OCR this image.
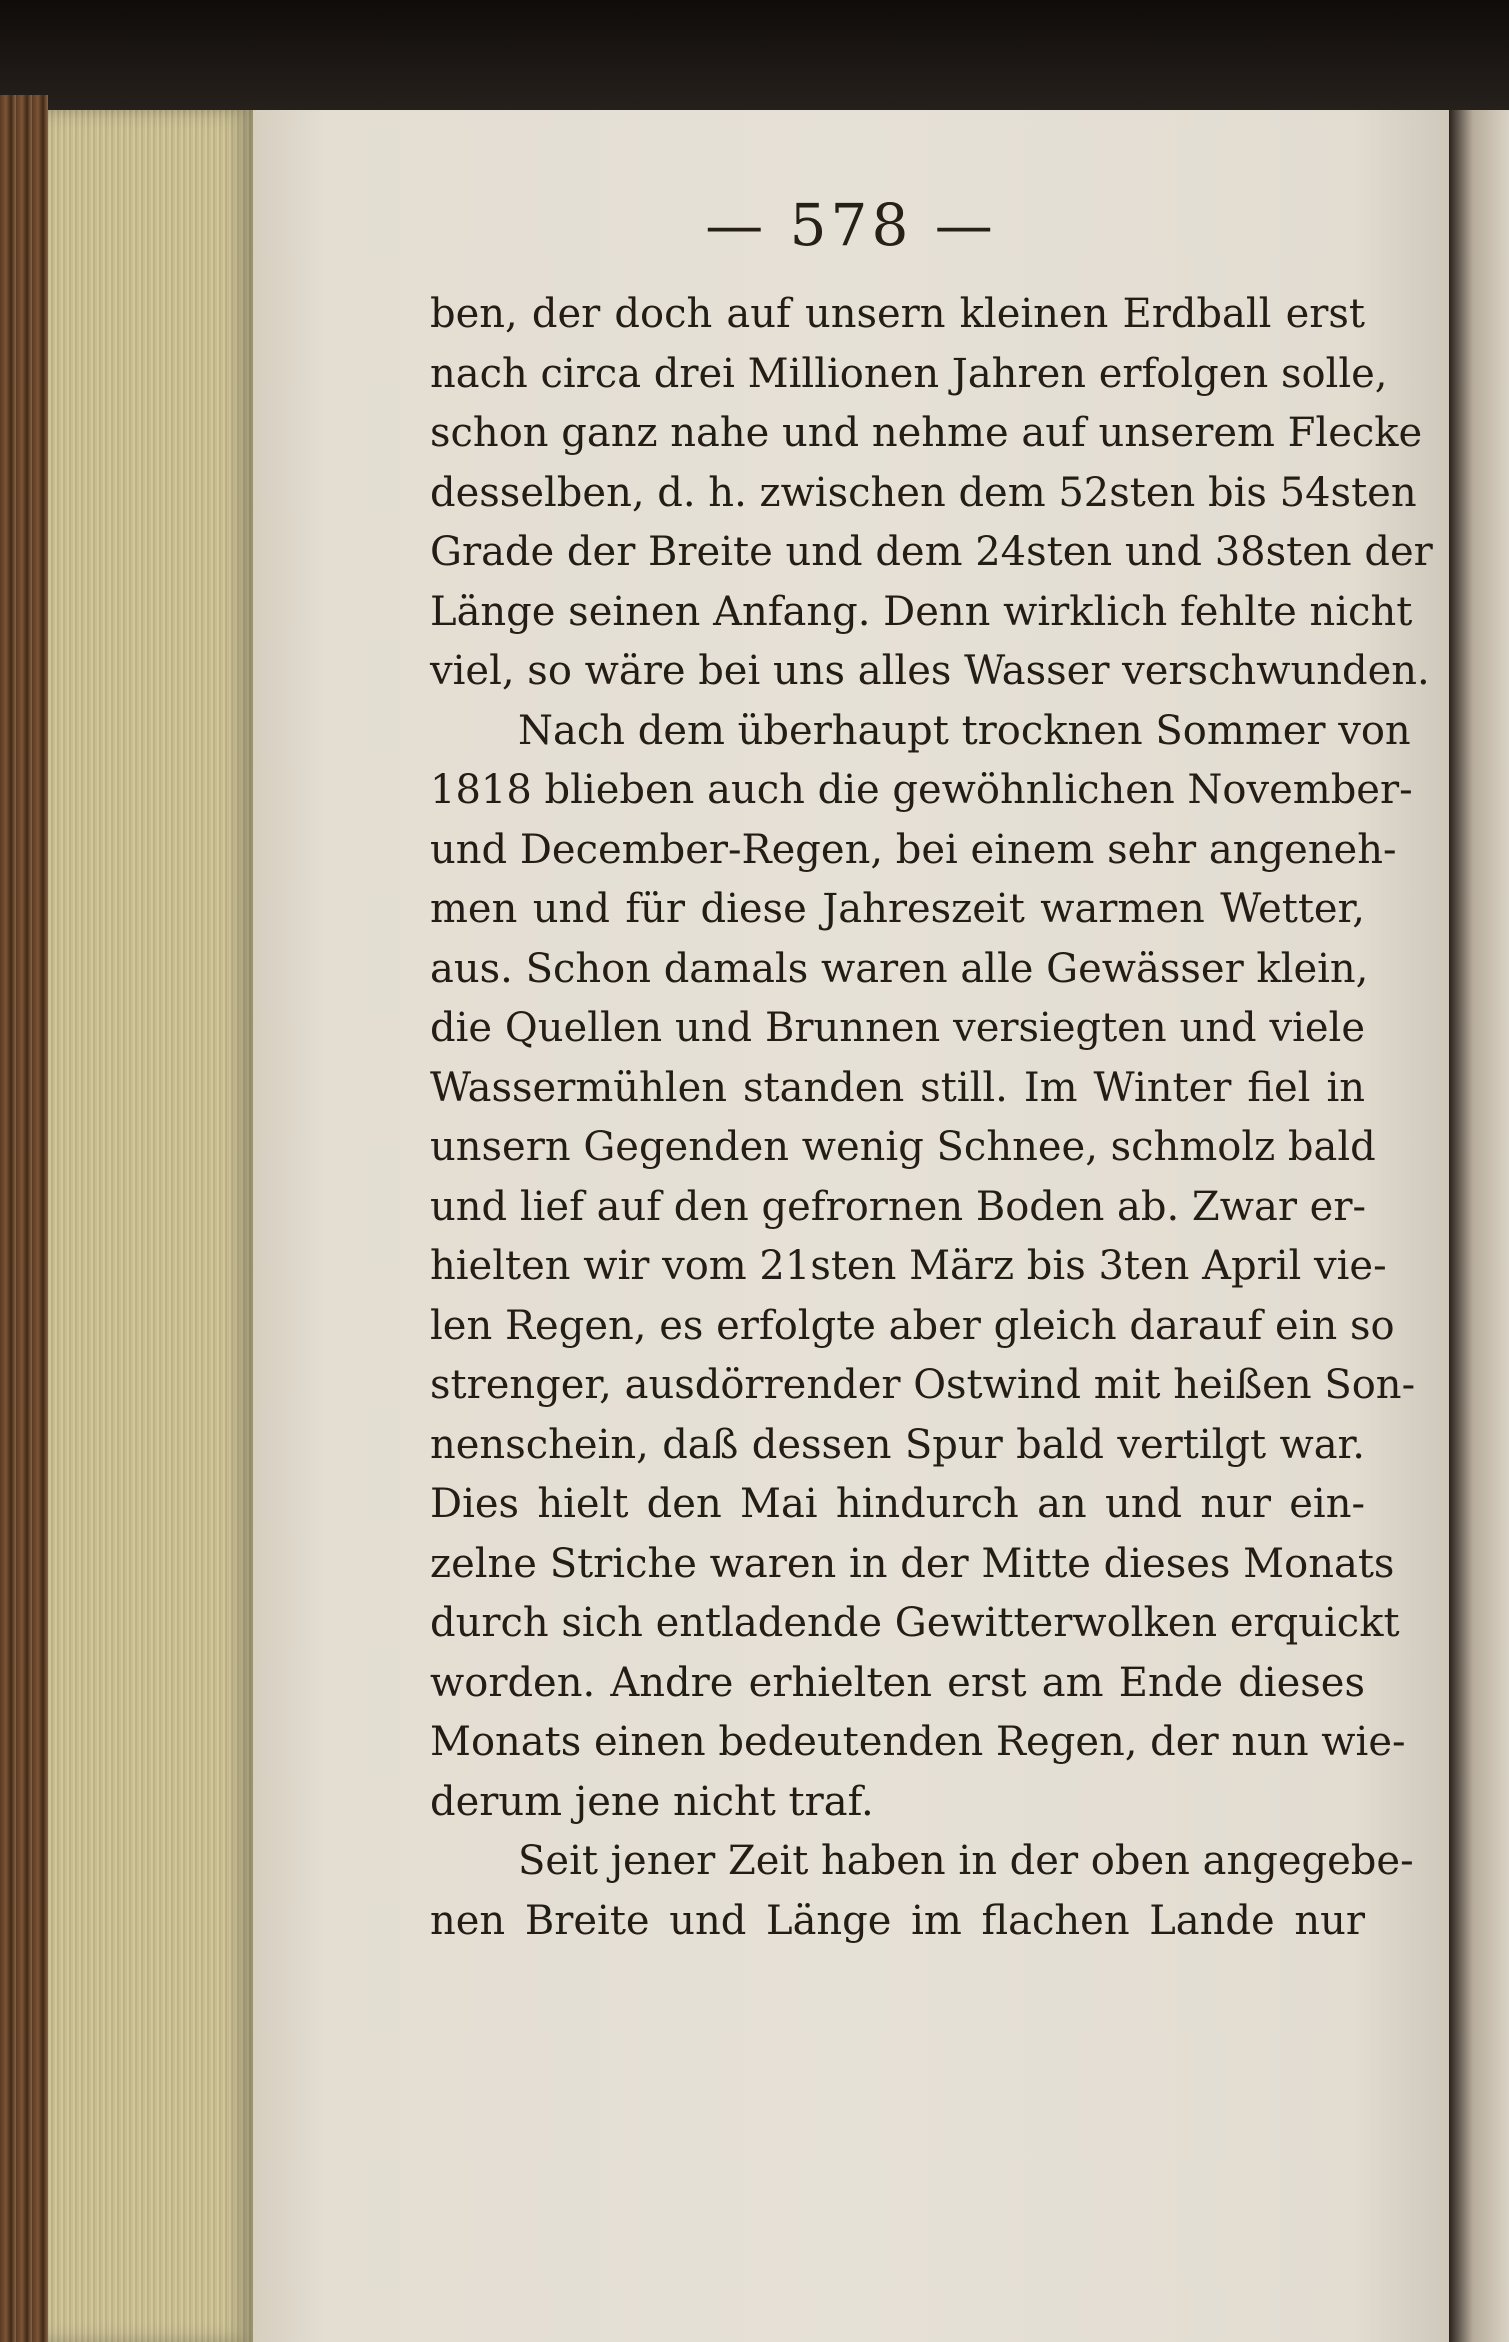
— 578 —
ben, der doch auf unsern kleinen Erdball erst
nach circa drei Millionen Jahren erfolgen solle,
schon ganz nahe und nehme auf unserem Flecke
desselben, d. h. zwischen dem 52sten bis 54sten
Grade der Breite und dem 24sten und 38sten der
Länge seinen Anfang. Denn wirklich fehlte nicht
viel, so wäre bei uns alles Wasser verschwunden.
Nach dem überhaupt trocknen Sommer von
1818 blieben auch die gewöhnlichen November-
und December-Regen, bei einem sehr angeneh-
men und für diese Jahreszeit warmen Wetter,
aus. Schon damals waren alle Gewässer klein,
die Quellen und Brunnen versiegten und viele
Wassermühlen standen still. Im Winter fiel in
unsern Gegenden wenig Schnee, schmolz bald
und lief auf den gefrornen Boden ab. Zwar er-
hielten wir vom 21sten März bis 3ten April vie-
len Regen, es erfolgte aber gleich darauf ein so
strenger, ausdörrender Ostwind mit heißen Son-
nenschein, daß dessen Spur bald vertilgt war.
Dies hielt den Mai hindurch an und nur ein-
zelne Striche waren in der Mitte dieses Monats
durch sich entladende Gewitterwolken erquickt
worden. Andre erhielten erst am Ende dieses
Monats einen bedeutenden Regen, der nun wie-
derum jene nicht traf.
Seit jener Zeit haben in der oben angegebe-
nen Breite und Länge im flachen Lande nur
